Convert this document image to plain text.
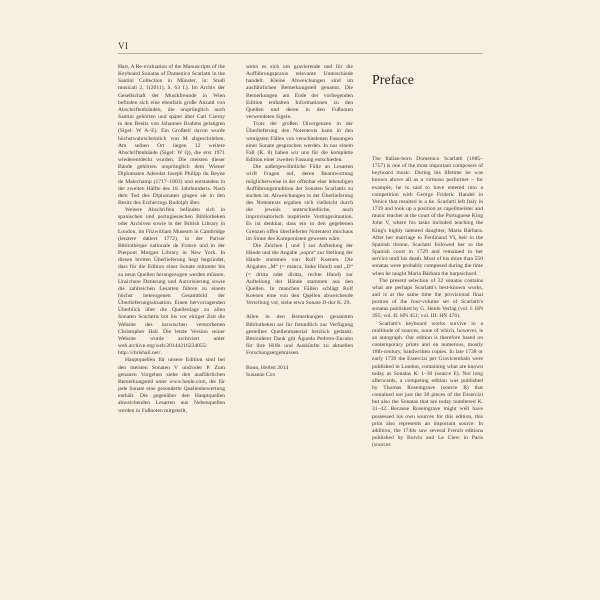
VI

Hart, A Re-evaluation of the Manuscripts of the Keyboard Sonatas of Domenico Scarlatti in the Santini Collection in Münster, in: Studi musicali 2, 1(2011), S. 63 f.). Im Archiv der Gesellschaft der Musikfreunde in Wien befinden sich eine ebenfalls große Anzahl von Abschriftenbänden, die ursprünglich auch Santini gehörten und später über Carl Czerny in den Besitz von Johannes Brahms gelangten (Sigel: W A–E). Ein Großteil davon wurde höchstwahrscheinlich von M abgeschrieben. Am selben Ort liegen 12 weitere Abschriftenbände (Sigel: W Q), die erst 1971 wiederentdeckt wurden. Die meisten dieser Bände gehörten ursprünglich dem Wiener Diplomaten Adeodat Joseph Philipp du Beyne de Malechamp (1717–1803) und entstanden in der zweiten Hälfte des 18. Jahrhunderts. Nach dem Tod des Diplomaten gingen sie in den Besitz des Erzherzogs Rudolph über.

Weitere Abschriften befinden sich in spanischen und portugiesischen Bibliotheken oder Archiven sowie in der British Library in London, im Fitzwilliam Museum in Cambridge (letztere datiert 1772), in der Pariser Bibliothèque nationale de France und in der Pierpont Morgan Library in New York. In diesen breiten Überlieferung liegt begründet, dass für die Edition einer Sonate mitunter bis zu neun Quellen herangezogen werden müssen. Unsichere Datierung und Autorisierung sowie die zahlreichen Lesarten führen zu einem höchst heterogenen Gesamtbild der Überlieferungssituation. Einen hervorragenden Überblick über die Quellenlage zu allen Sonaten Scarlattis bot bis vor einiger Zeit die Website des inzwischen verstorbenen Christopher Hail. Die letzte Version seiner Website wurde archiviert unter web.archive.org/web/20144216234055/ http://chrishail.net/.

Hauptquellen für unsere Edition sind bei den meisten Sonaten V und/oder P. Zum genauen Vorgehen siehe den ausführlichen Bemerkungsteil unter www.henle.com, der für jede Sonate eine gesonderte Quellenbewertung enthält. Die gegenüber den Hauptquellen abweichenden Lesarten aus Nebenquellen werden in Fußnoten mitgeteilt,

wenn es sich um gravierende und für die Aufführungspraxis relevante Unterschiede handelt. Kleine Abweichungen sind im ausführlichen Bemerkungsteil genannt. Die Bemerkungen am Ende der vorliegenden Edition enthalten Informationen zu den Quellen und deren in den Fußnoten verwendeten Sigeln.

Trotz der großen Divergenzen in der Überlieferung des Notentexts kann in den wenigsten Fällen von verschiedenen Fassungen einer Sonate gesprochen werden. In nur einem Fall (K. 8) haben wir uns für die komplette Edition einer zweiten Fassung entschieden.

Die außergewöhnliche Fülle an Lesarten wirft Fragen auf, deren Beantwortung möglicherweise in der offenbar eher lebendigen Aufführungstradition der Sonaten Scarlattis zu suchen ist. Abweichungen in der Überlieferung des Notentexts ergaben sich vielleicht durch die jeweils unterschiedliche, auch improvisatorisch inspirierte Vortragssituation. Es ist denkbar, dass ein in den gegebenen Grenzen offen überlieferter Notentext durchaus im Sinne des Komponisten gewesen wäre.

Die Zeichen ⌊ und ⌉ zur Aufteilung der Hände und die Angabe „sopra“ zur Stellung der Hände stammen von Rolf Koenen. Die Angaben „M“ (= manca, linke Hand) und „D“ (= dritta oder diritta, rechte Hand) zur Aufteilung der Hände stammen aus den Quellen. In manchen Fällen schlägt Rolf Koenen eine von den Quellen abweichende Verteilung vor, siehe etwa Sonate D-dur K. 29.

Allen in den Bemerkungen genannten Bibliotheken sei für freundlich zur Verfügung gestelltes Quellenmaterial herzlich gedankt. Besonderer Dank gilt Águeda Pedrero-Encabo für ihre Hilfe und Auskünfte zu aktuellen Forschungsergebnissen.

Bonn, Herbst 2014

Susanne Cox

Preface

The Italian-born Domenico Scarlatti (1685–1757) is one of the most important composers of keyboard music. During his lifetime he was known above all as a virtuoso performer – for example, he is said to have entered into a competition with George Frideric Handel in Venice that resulted in a tie. Scarlatti left Italy in 1719 and took up a position as capellmeister and music teacher at the court of the Portuguese King John V, where his tasks included teaching the King's highly talented daughter, Maria Bárbara. After her marriage to Ferdinand VI, heir to the Spanish throne, Scarlatti followed her to the Spanish court in 1729 and remained in her service until his death. Most of his more than 550 sonatas were probably composed during the time when he taught Maria Bárbara the harpsichord.

The present selection of 32 sonatas contains what are perhaps Scarlatti's best-known works, and is at the same time the provisional final portion of the four-volume set of Scarlatti's sonatas published by G. Henle Verlag (vol. I: HN 395; vol. II: HN 451; vol. III: HN 476).

Scarlatti's keyboard works survive in a multitude of sources, none of which, however, is an autograph. Our edition is therefore based on contemporary prints and on numerous, mostly 18th-century, handwritten copies. In late 1738 or early 1739 the Essercizi per Gravicembalo were published in London, containing what are known today as Sonatas K. 1–30 (source E). Not long afterwards, a competing edition was published by Thomas Roseingrave (source R) that contained not just the 30 pieces of the Essercizi but also the Sonatas that are today numbered K. 31–42. Because Roseingrave might well have possessed his own sources for this edition, this print also represents an important source. In addition, the 1740s saw several French editions published by Boivin and Le Clerc in Paris (sources
